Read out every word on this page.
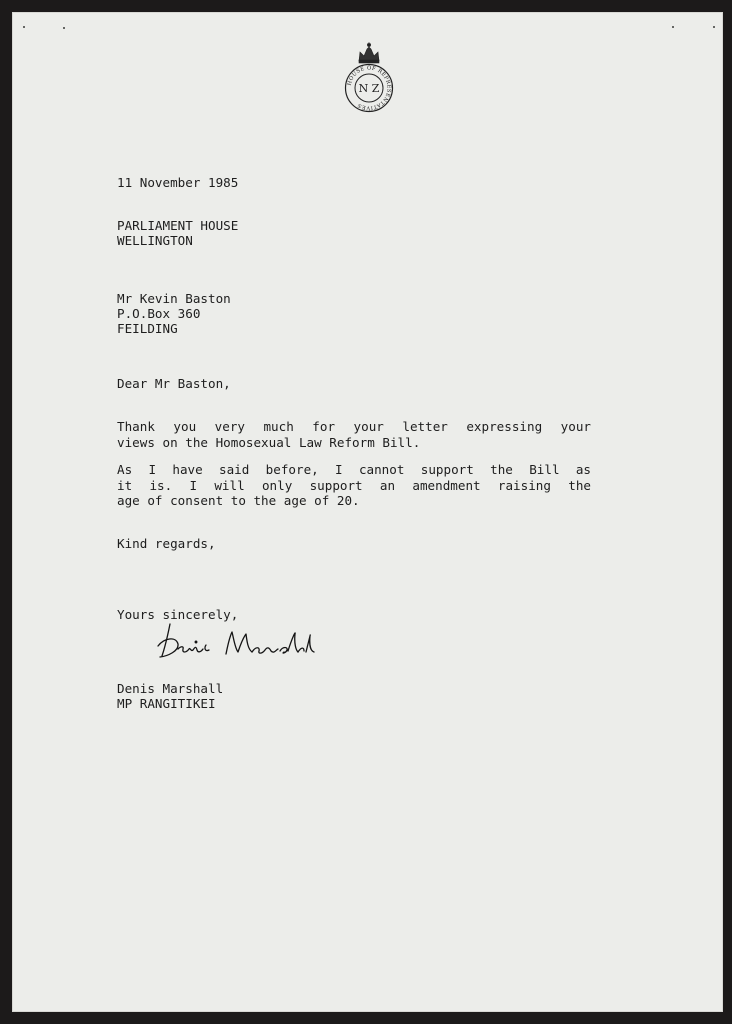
HOUSE OF REPRESENTATIVES
N Z
11 November 1985
PARLIAMENT HOUSE
WELLINGTON
Mr Kevin Baston
P.O.Box 360
FEILDING
Dear Mr Baston,
Thank you very much for your letter expressing your
views on the Homosexual Law Reform Bill.
As I have said before, I cannot support the Bill as
it is. I will only support an amendment raising the
age of consent to the age of 20.
Kind regards,
Yours sincerely,
Denis Marshall
MP RANGITIKEI
